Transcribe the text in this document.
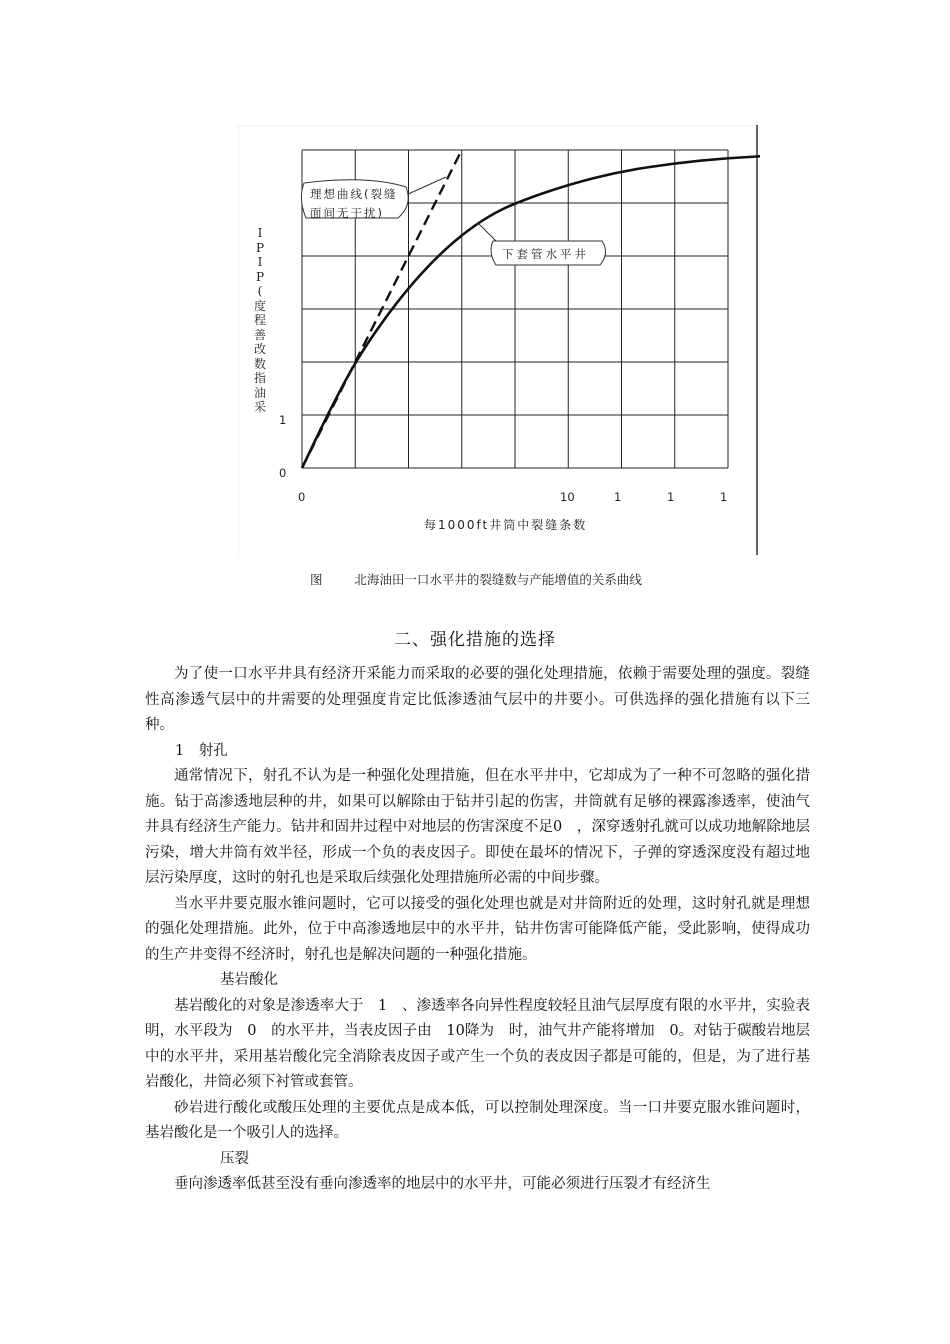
理想曲线(裂缝
面间无干扰)
下套管水平井
I
P
I
P
(
度
程
善
改
数
指
油
采
1
0
0	10	1	1	1
每1000ft井筒中裂缝条数
图	北海油田一口水平井的裂缝数与产能增值的关系曲线
二、强化措施的选择

为了使一口水平井具有经济开采能力而采取的必要的强化处理措施，依赖于需要处理的强度。裂缝性高渗透气层中的井需要的处理强度肯定比低渗透油气层中的井要小。可供选择的强化措施有以下三种。

1　射孔

通常情况下，射孔不认为是一种强化处理措施，但在水平井中，它却成为了一种不可忽略的强化措施。钻于高渗透地层种的井，如果可以解除由于钻井引起的伤害，井筒就有足够的裸露渗透率，使油气井具有经济生产能力。钻井和固井过程中对地层的伤害深度不足0　，深穿透射孔就可以成功地解除地层污染，增大井筒有效半径，形成一个负的表皮因子。即使在最坏的情况下，子弹的穿透深度没有超过地层污染厚度，这时的射孔也是采取后续强化处理措施所必需的中间步骤。

当水平井要克服水锥问题时，它可以接受的强化处理也就是对井筒附近的处理，这时射孔就是理想的强化处理措施。此外，位于中高渗透地层中的水平井，钻井伤害可能降低产能，受此影响，使得成功的生产井变得不经济时，射孔也是解决问题的一种强化措施。

基岩酸化

基岩酸化的对象是渗透率大于　1　、渗透率各向异性程度较轻且油气层厚度有限的水平井，实验表明，水平段为　0　的水平井，当表皮因子由　10降为　时，油气井产能将增加　0。对钻于碳酸岩地层中的水平井，采用基岩酸化完全消除表皮因子或产生一个负的表皮因子都是可能的，但是，为了进行基岩酸化，井筒必须下衬管或套管。

砂岩进行酸化或酸压处理的主要优点是成本低，可以控制处理深度。当一口井要克服水锥问题时，基岩酸化是一个吸引人的选择。

压裂

垂向渗透率低甚至没有垂向渗透率的地层中的水平井，可能必须进行压裂才有经济生
